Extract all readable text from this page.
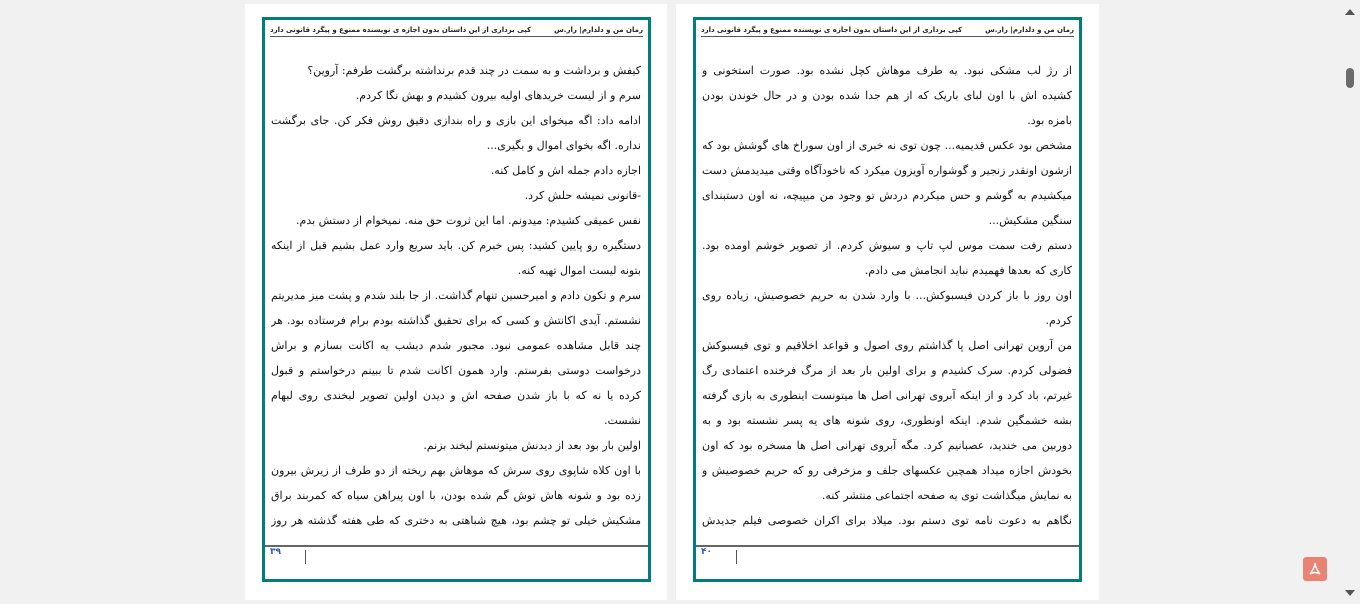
رمان من و دلدارم| رار.س
کپی برداری از این داستان بدون اجازه ی نویسنده ممنوع و پیگرد قانونی دارد

کیفش و برداشت و به سمت در چند قدم برنداشته برگشت طرفم: آروین؟

سرم و از لیست خریدهای اولیه بیرون کشیدم و بهش نگا کردم.

ادامه داد: اگه میخوای این بازی و راه بندازی دقیق روش فکر کن. جای برگشت نداره. اگه بخوای اموال و بگیری...

اجازه دادم جمله اش و کامل کنه.

-قانونی نمیشه حلش کرد.

نفس عمیقی کشیدم: میدونم. اما این ثروت حق منه. نمیخوام از دستش بدم.

دستگیره رو پایین کشید: پس خبرم کن. باید سریع وارد عمل بشیم قبل از اینکه بتونه لیست اموال تهیه کنه.

سرم و تکون دادم و امیرحسین تنهام گذاشت. از جا بلند شدم و پشت میز مدیریتم نشستم. آیدی اکانتش و کسی که برای تحقیق گذاشته بودم برام فرستاده بود. هر چند قابل مشاهده عمومی نبود. مجبور شدم دیشب یه اکانت بسازم و براش درخواست دوستی بفرستم. وارد همون اکانت شدم تا ببینم درخواستم و قبول کرده یا نه که با باز شدن صفحه اش و دیدن اولین تصویر لبخندی روی لبهام نشست.

اولین بار بود بعد از دیدنش میتونستم لبخند بزنم.

با اون کلاه شاپوی روی سرش که موهاش بهم ریخته از دو طرف از زیرش بیرون زده بود و شونه هاش توش گم شده بودن، با اون پیراهن سیاه که کمربند براق مشکیش خیلی تو چشم بود، هیچ شباهتی به دختری که طی هفته گذشته هر روز

۳۹
رمان من و دلدارم| رار.س
کپی برداری از این داستان بدون اجازه ی نویسنده ممنوع و پیگرد قانونی دارد

از رژ لب مشکی نبود. یه طرف موهاش کچل نشده بود. صورت استخونی و کشیده اش با اون لبای باریک که از هم جدا شده بودن و در حال خوندن بودن بامزه بود.

مشخص بود عکس قدیمیه... چون توی نه خبری از اون سوراخ های گوشش بود که ازشون اونقدر زنجیر و گوشواره آویزون میکرد که ناخودآگاه وقتی میدیدمش دست میکشیدم به گوشم و حس میکردم دردش تو وجود من میپیچه، نه اون دستبندای سنگین مشکیش...

دستم رفت سمت موس لپ تاپ و سیوش کردم. از تصویر خوشم اومده بود. کاری که بعدها فهمیدم نباید انجامش می دادم.

اون روز با باز کردن فیسبوکش... با وارد شدن به حریم خصوصیش، زیاده روی کردم.

من آروین تهرانی اصل پا گذاشتم روی اصول و قواعد اخلاقیم و توی فیسبوکش فضولی کردم. سرک کشیدم و برای اولین بار بعد از مرگ فرخنده اعتمادی رگ غیرتم، باد کرد و از اینکه آبروی تهرانی اصل ها میتونست اینطوری به بازی گرفته بشه خشمگین شدم. اینکه اونطوری، روی شونه های یه پسر نشسته بود و به دوربین می خندید، عصبانیم کرد. مگه آبروی تهرانی اصل ها مسخره بود که اون بخودش اجازه میداد همچین عکسهای جلف و مزخرفی رو که حریم خصوصیش و به نمایش میگذاشت توی یه صفحه اجتماعی منتشر کنه.

نگاهم به دعوت نامه توی دستم بود. میلاد برای اکران خصوصی فیلم جدیدش

۴۰
